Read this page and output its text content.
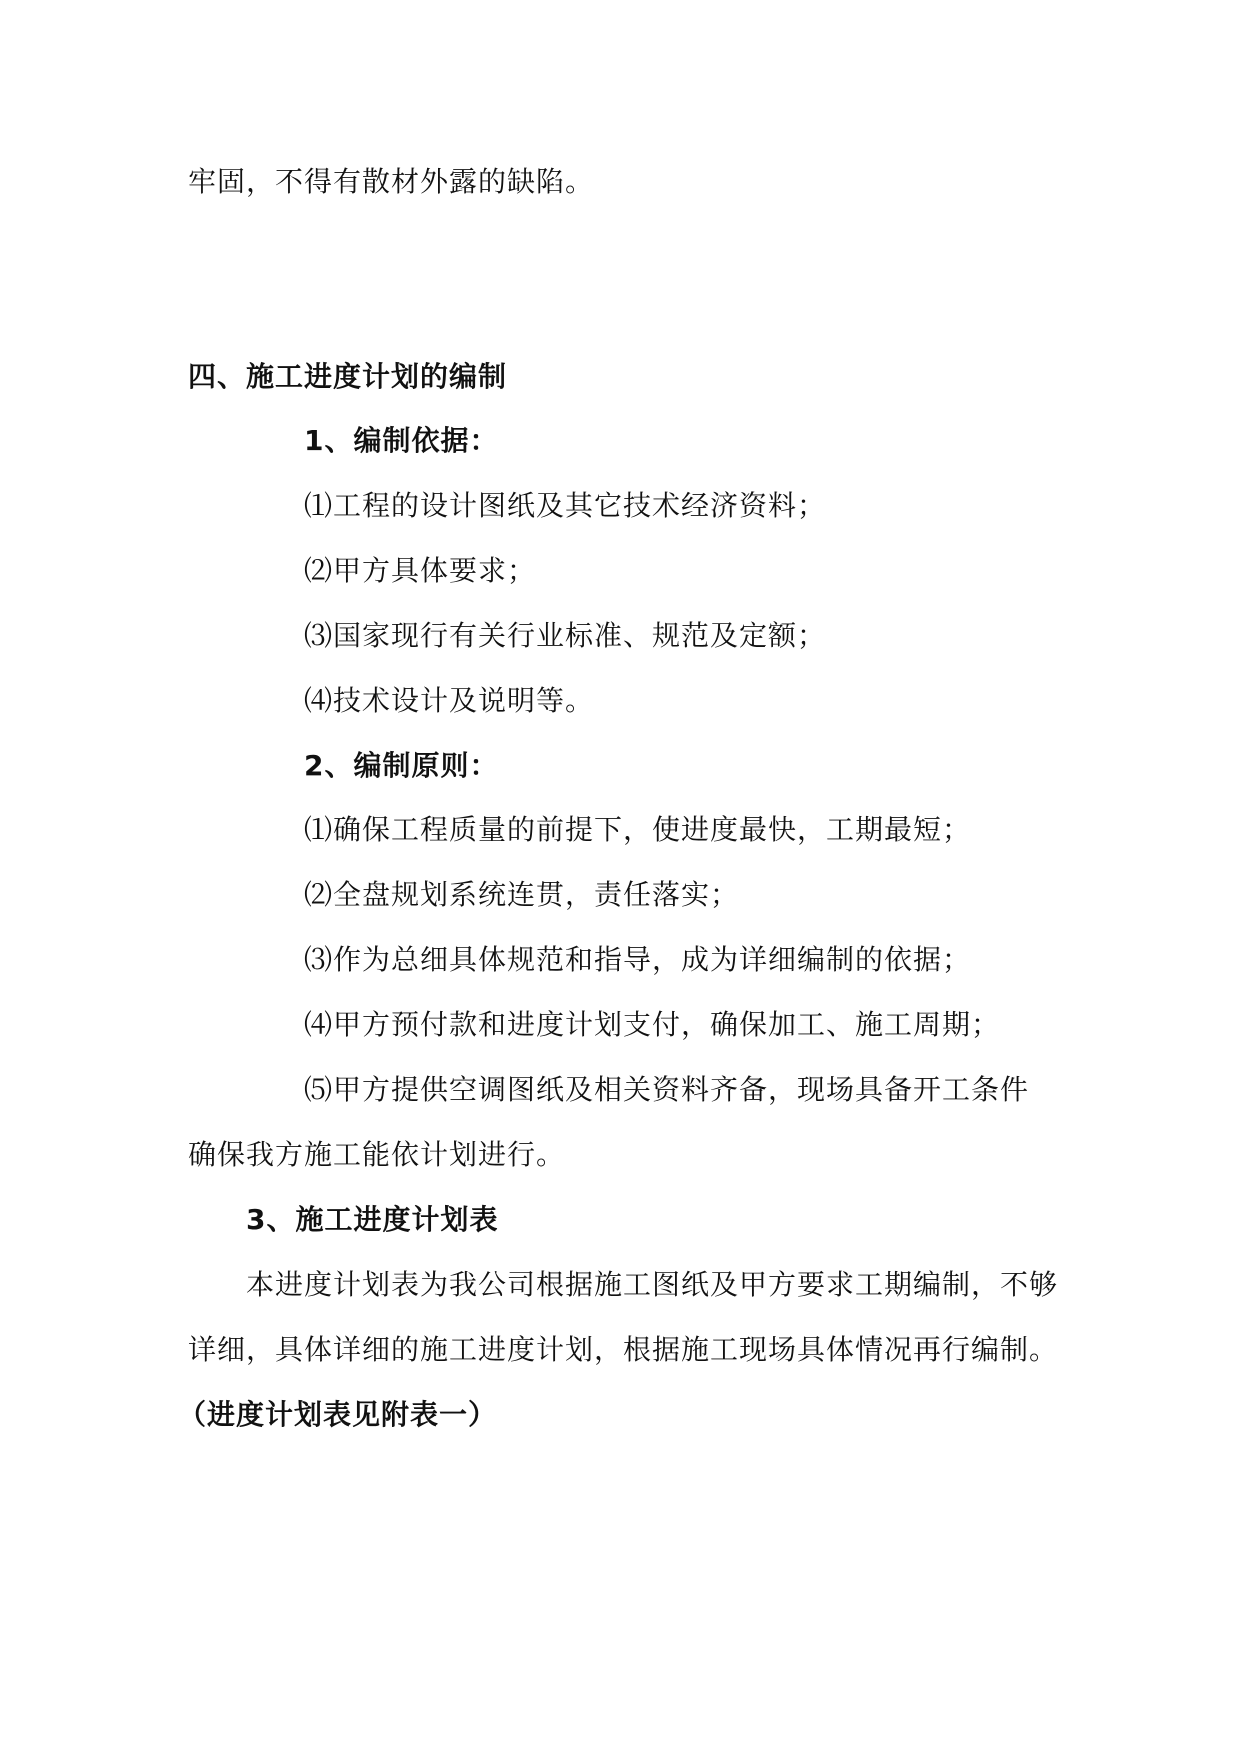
牢固，不得有散材外露的缺陷。
四、施工进度计划的编制
1、编制依据：
⑴工程的设计图纸及其它技术经济资料；
⑵甲方具体要求；
⑶国家现行有关行业标准、规范及定额；
⑷技术设计及说明等。
2、编制原则：
⑴确保工程质量的前提下，使进度最快，工期最短；
⑵全盘规划系统连贯，责任落实；
⑶作为总细具体规范和指导，成为详细编制的依据；
⑷甲方预付款和进度计划支付，确保加工、施工周期；
⑸甲方提供空调图纸及相关资料齐备，现场具备开工条件
确保我方施工能依计划进行。
3、施工进度计划表
本进度计划表为我公司根据施工图纸及甲方要求工期编制，不够
详细，具体详细的施工进度计划，根据施工现场具体情况再行编制。
（进度计划表见附表一）
